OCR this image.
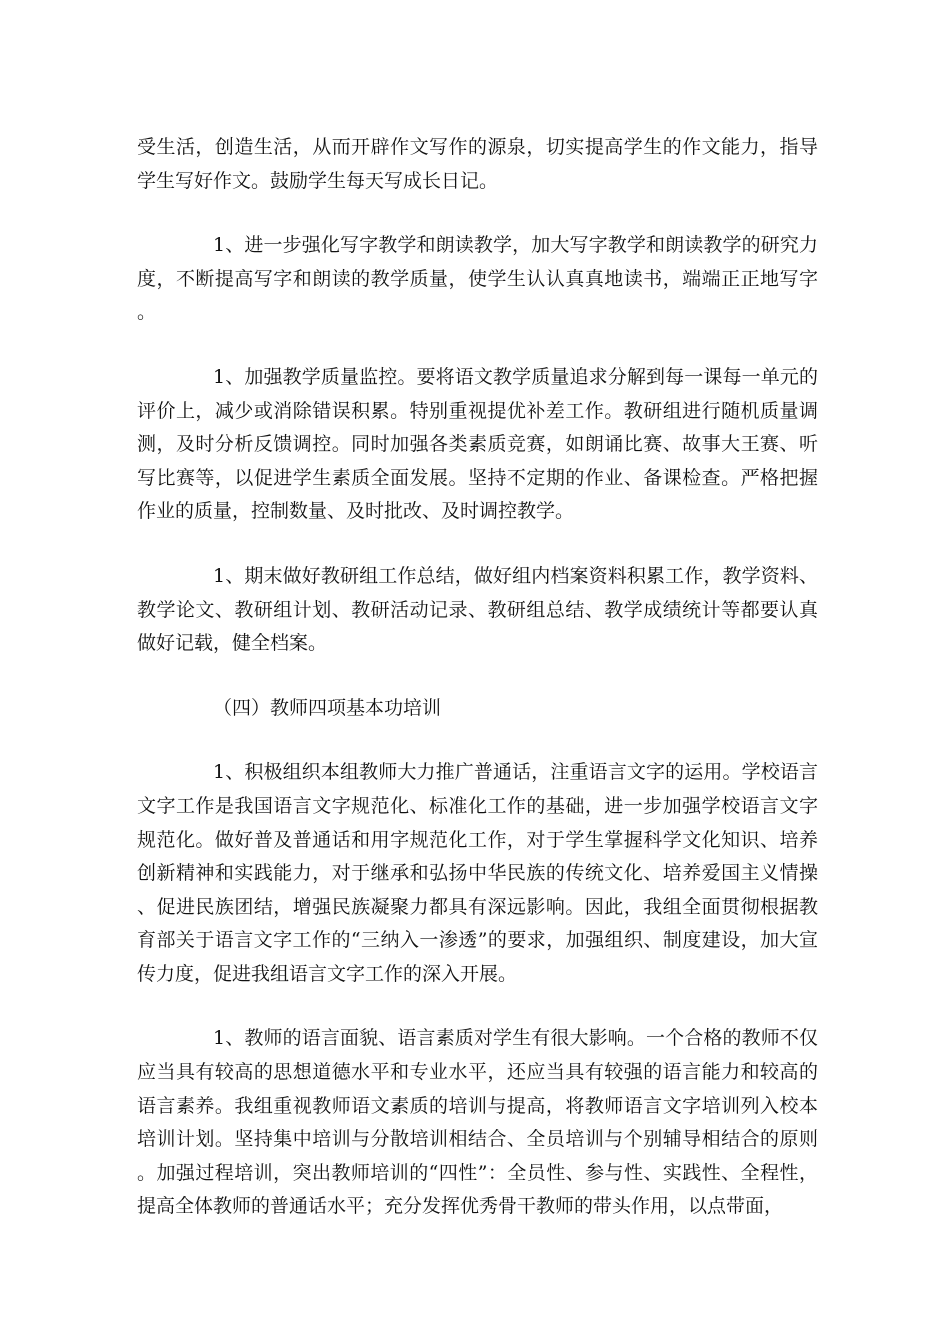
受生活，创造生活，从而开辟作文写作的源泉，切实提高学生的作文能力，指导学生写好作文。鼓励学生每天写成长日记。

1、进一步强化写字教学和朗读教学，加大写字教学和朗读教学的研究力度，不断提高写字和朗读的教学质量，使学生认认真真地读书，端端正正地写字。

1、加强教学质量监控。要将语文教学质量追求分解到每一课每一单元的评价上，减少或消除错误积累。特别重视提优补差工作。教研组进行随机质量调测，及时分析反馈调控。同时加强各类素质竞赛，如朗诵比赛、故事大王赛、听写比赛等，以促进学生素质全面发展。坚持不定期的作业、备课检查。严格把握作业的质量，控制数量、及时批改、及时调控教学。

1、期末做好教研组工作总结，做好组内档案资料积累工作，教学资料、教学论文、教研组计划、教研活动记录、教研组总结、教学成绩统计等都要认真做好记载，健全档案。

（四）教师四项基本功培训

1、积极组织本组教师大力推广普通话，注重语言文字的运用。学校语言文字工作是我国语言文字规范化、标准化工作的基础，进一步加强学校语言文字规范化。做好普及普通话和用字规范化工作，对于学生掌握科学文化知识、培养创新精神和实践能力，对于继承和弘扬中华民族的传统文化、培养爱国主义情操、促进民族团结，增强民族凝聚力都具有深远影响。因此，我组全面贯彻根据教育部关于语言文字工作的“三纳入一渗透”的要求，加强组织、制度建设，加大宣传力度，促进我组语言文字工作的深入开展。

1、教师的语言面貌、语言素质对学生有很大影响。一个合格的教师不仅应当具有较高的思想道德水平和专业水平，还应当具有较强的语言能力和较高的语言素养。我组重视教师语文素质的培训与提高，将教师语言文字培训列入校本培训计划。坚持集中培训与分散培训相结合、全员培训与个别辅导相结合的原则。加强过程培训，突出教师培训的“四性”：全员性、参与性、实践性、全程性，提高全体教师的普通话水平；充分发挥优秀骨干教师的带头作用，以点带面，
